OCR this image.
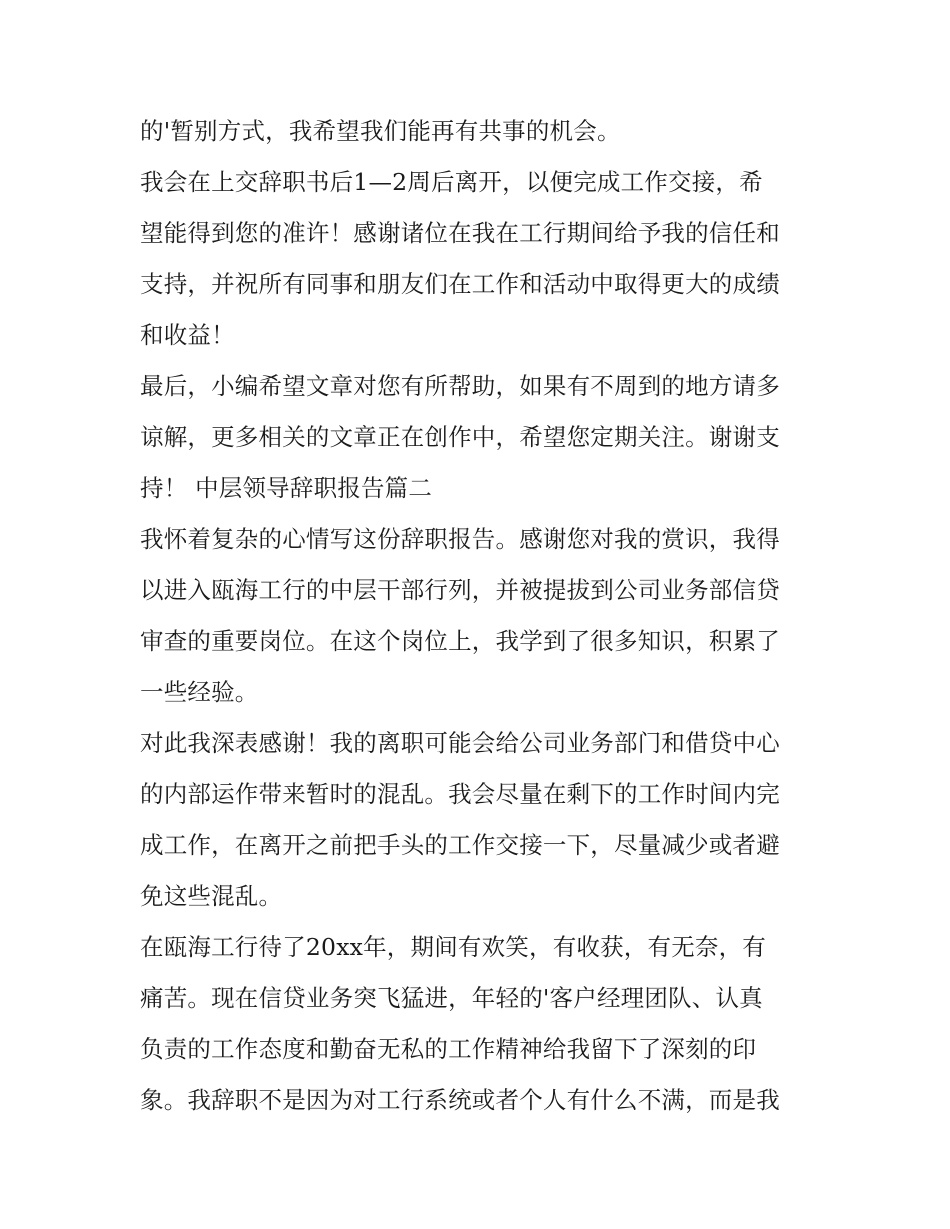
的'暂别方式，我希望我们能再有共事的机会。
我会在上交辞职书后1—2周后离开，以便完成工作交接，希
望能得到您的准许！感谢诸位在我在工行期间给予我的信任和
支持，并祝所有同事和朋友们在工作和活动中取得更大的成绩
和收益！
最后，小编希望文章对您有所帮助，如果有不周到的地方请多
谅解，更多相关的文章正在创作中，希望您定期关注。谢谢支
持！ 中层领导辞职报告篇二
我怀着复杂的心情写这份辞职报告。感谢您对我的赏识，我得
以进入瓯海工行的中层干部行列，并被提拔到公司业务部信贷
审查的重要岗位。在这个岗位上，我学到了很多知识，积累了
一些经验。
对此我深表感谢！我的离职可能会给公司业务部门和借贷中心
的内部运作带来暂时的混乱。我会尽量在剩下的工作时间内完
成工作，在离开之前把手头的工作交接一下，尽量减少或者避
免这些混乱。
在瓯海工行待了20xx年，期间有欢笑，有收获，有无奈，有
痛苦。现在信贷业务突飞猛进，年轻的'客户经理团队、认真
负责的工作态度和勤奋无私的工作精神给我留下了深刻的印
象。我辞职不是因为对工行系统或者个人有什么不满，而是我
